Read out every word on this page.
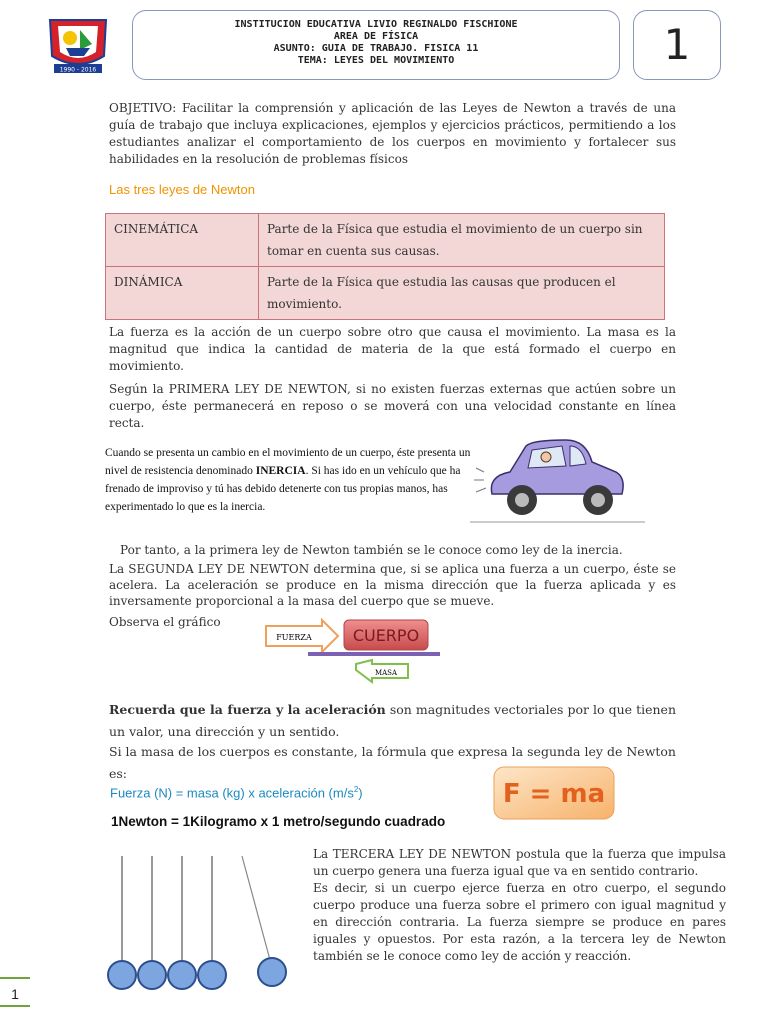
1990 - 2016
INSTITUCION EDUCATIVA LIVIO REGINALDO FISCHIONE
AREA DE FÍSICA
ASUNTO: GUIA DE TRABAJO. FISICA 11
TEMA: LEYES DEL MOVIMIENTO	1
OBJETIVO: Facilitar la comprensión y aplicación de las Leyes de Newton a través de una guía de trabajo que incluya explicaciones, ejemplos y ejercicios prácticos, permitiendo a los estudiantes analizar el comportamiento de los cuerpos en movimiento y fortalecer sus habilidades en la resolución de problemas físicos
Las tres leyes de Newton
CINEMÁTICA	Parte de la Física que estudia el movimiento de un cuerpo sin tomar en cuenta sus causas.
DINÁMICA	Parte de la Física que estudia las causas que producen el movimiento.
La fuerza es la acción de un cuerpo sobre otro que causa el movimiento. La masa es la magnitud que indica la cantidad de materia de la que está formado el cuerpo en movimiento.
Según la PRIMERA LEY DE NEWTON, si no existen fuerzas externas que actúen sobre un cuerpo, éste permanecerá en reposo o se moverá con una velocidad constante en línea recta.
Cuando se presenta un cambio en el movimiento de un cuerpo, éste presenta un nivel de resistencia denominado INERCIA. Si has ido en un vehículo que ha frenado de improviso y tú has debido detenerte con tus propias manos, has experimentado lo que es la inercia.
Por tanto, a la primera ley de Newton también se le conoce como ley de la inercia.
La SEGUNDA LEY DE NEWTON determina que, si se aplica una fuerza a un cuerpo, éste se acelera. La aceleración se produce en la misma dirección que la fuerza aplicada y es inversamente proporcional a la masa del cuerpo que se mueve.
Observa el gráfico
FUERZA	CUERPO
MASA
Recuerda que la fuerza y la aceleración son magnitudes vectoriales por lo que tienen un valor, una dirección y un sentido.
Si la masa de los cuerpos es constante, la fórmula que expresa la segunda ley de Newton es:
Fuerza (N) = masa (kg) x aceleración $(m/s^2)$
1Newton = 1Kilogramo x 1 metro/segundo cuadrado
F = ma
La TERCERA LEY DE NEWTON postula que la fuerza que impulsa un cuerpo genera una fuerza igual que va en sentido contrario.
Es decir, si un cuerpo ejerce fuerza en otro cuerpo, el segundo cuerpo produce una fuerza sobre el primero con igual magnitud y en dirección contraria. La fuerza siempre se produce en pares iguales y opuestos. Por esta razón, a la tercera ley de Newton también se le conoce como ley de acción y reacción.
1
